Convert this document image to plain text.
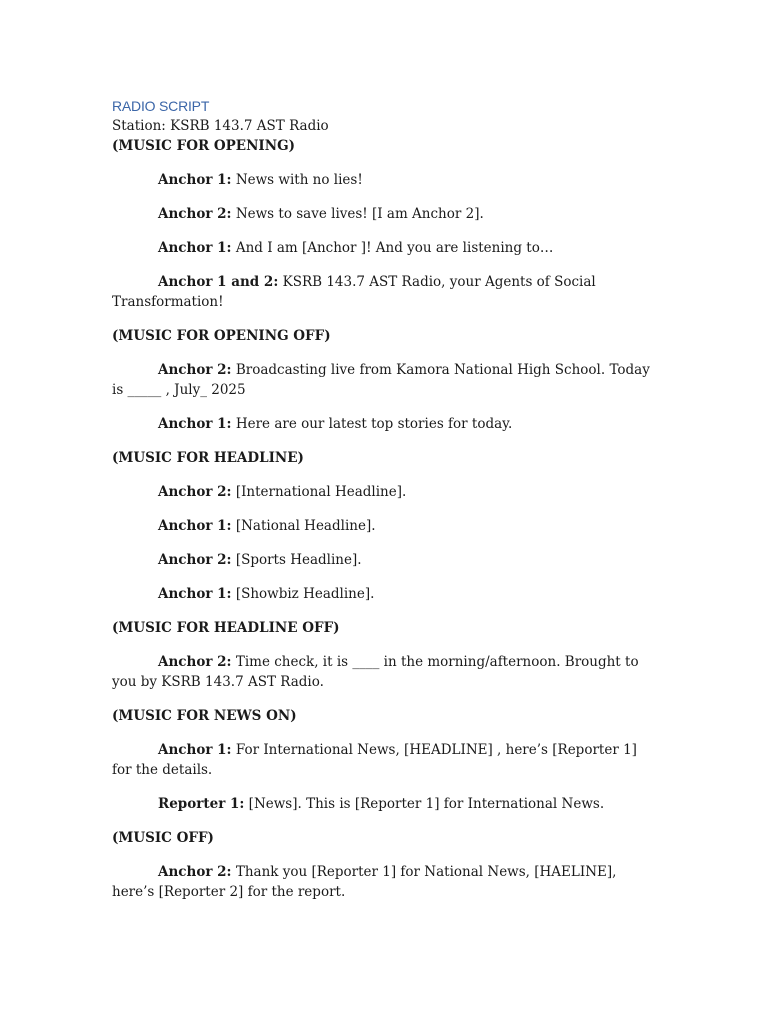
RADIO SCRIPT

Station: KSRB 143.7 AST Radio

(MUSIC FOR OPENING)

Anchor 1: News with no lies!

Anchor 2: News to save lives! [I am Anchor 2].

Anchor 1: And I am [Anchor ]! And you are listening to…

Anchor 1 and 2: KSRB 143.7 AST Radio, your Agents of Social Transformation!

(MUSIC FOR OPENING OFF)

Anchor 2: Broadcasting live from Kamora National High School. Today is _____ , July_ 2025

Anchor 1: Here are our latest top stories for today.

(MUSIC FOR HEADLINE)

Anchor 2: [International Headline].

Anchor 1: [National Headline].

Anchor 2: [Sports Headline].

Anchor 1: [Showbiz Headline].

(MUSIC FOR HEADLINE OFF)

Anchor 2: Time check, it is ____ in the morning/afternoon. Brought to you by KSRB 143.7 AST Radio.

(MUSIC FOR NEWS ON)

Anchor 1: For International News, [HEADLINE] , here’s [Reporter 1] for the details.

Reporter 1: [News]. This is [Reporter 1] for International News.

(MUSIC OFF)

Anchor 2: Thank you [Reporter 1] for National News, [HAELINE], here’s [Reporter 2] for the report.
